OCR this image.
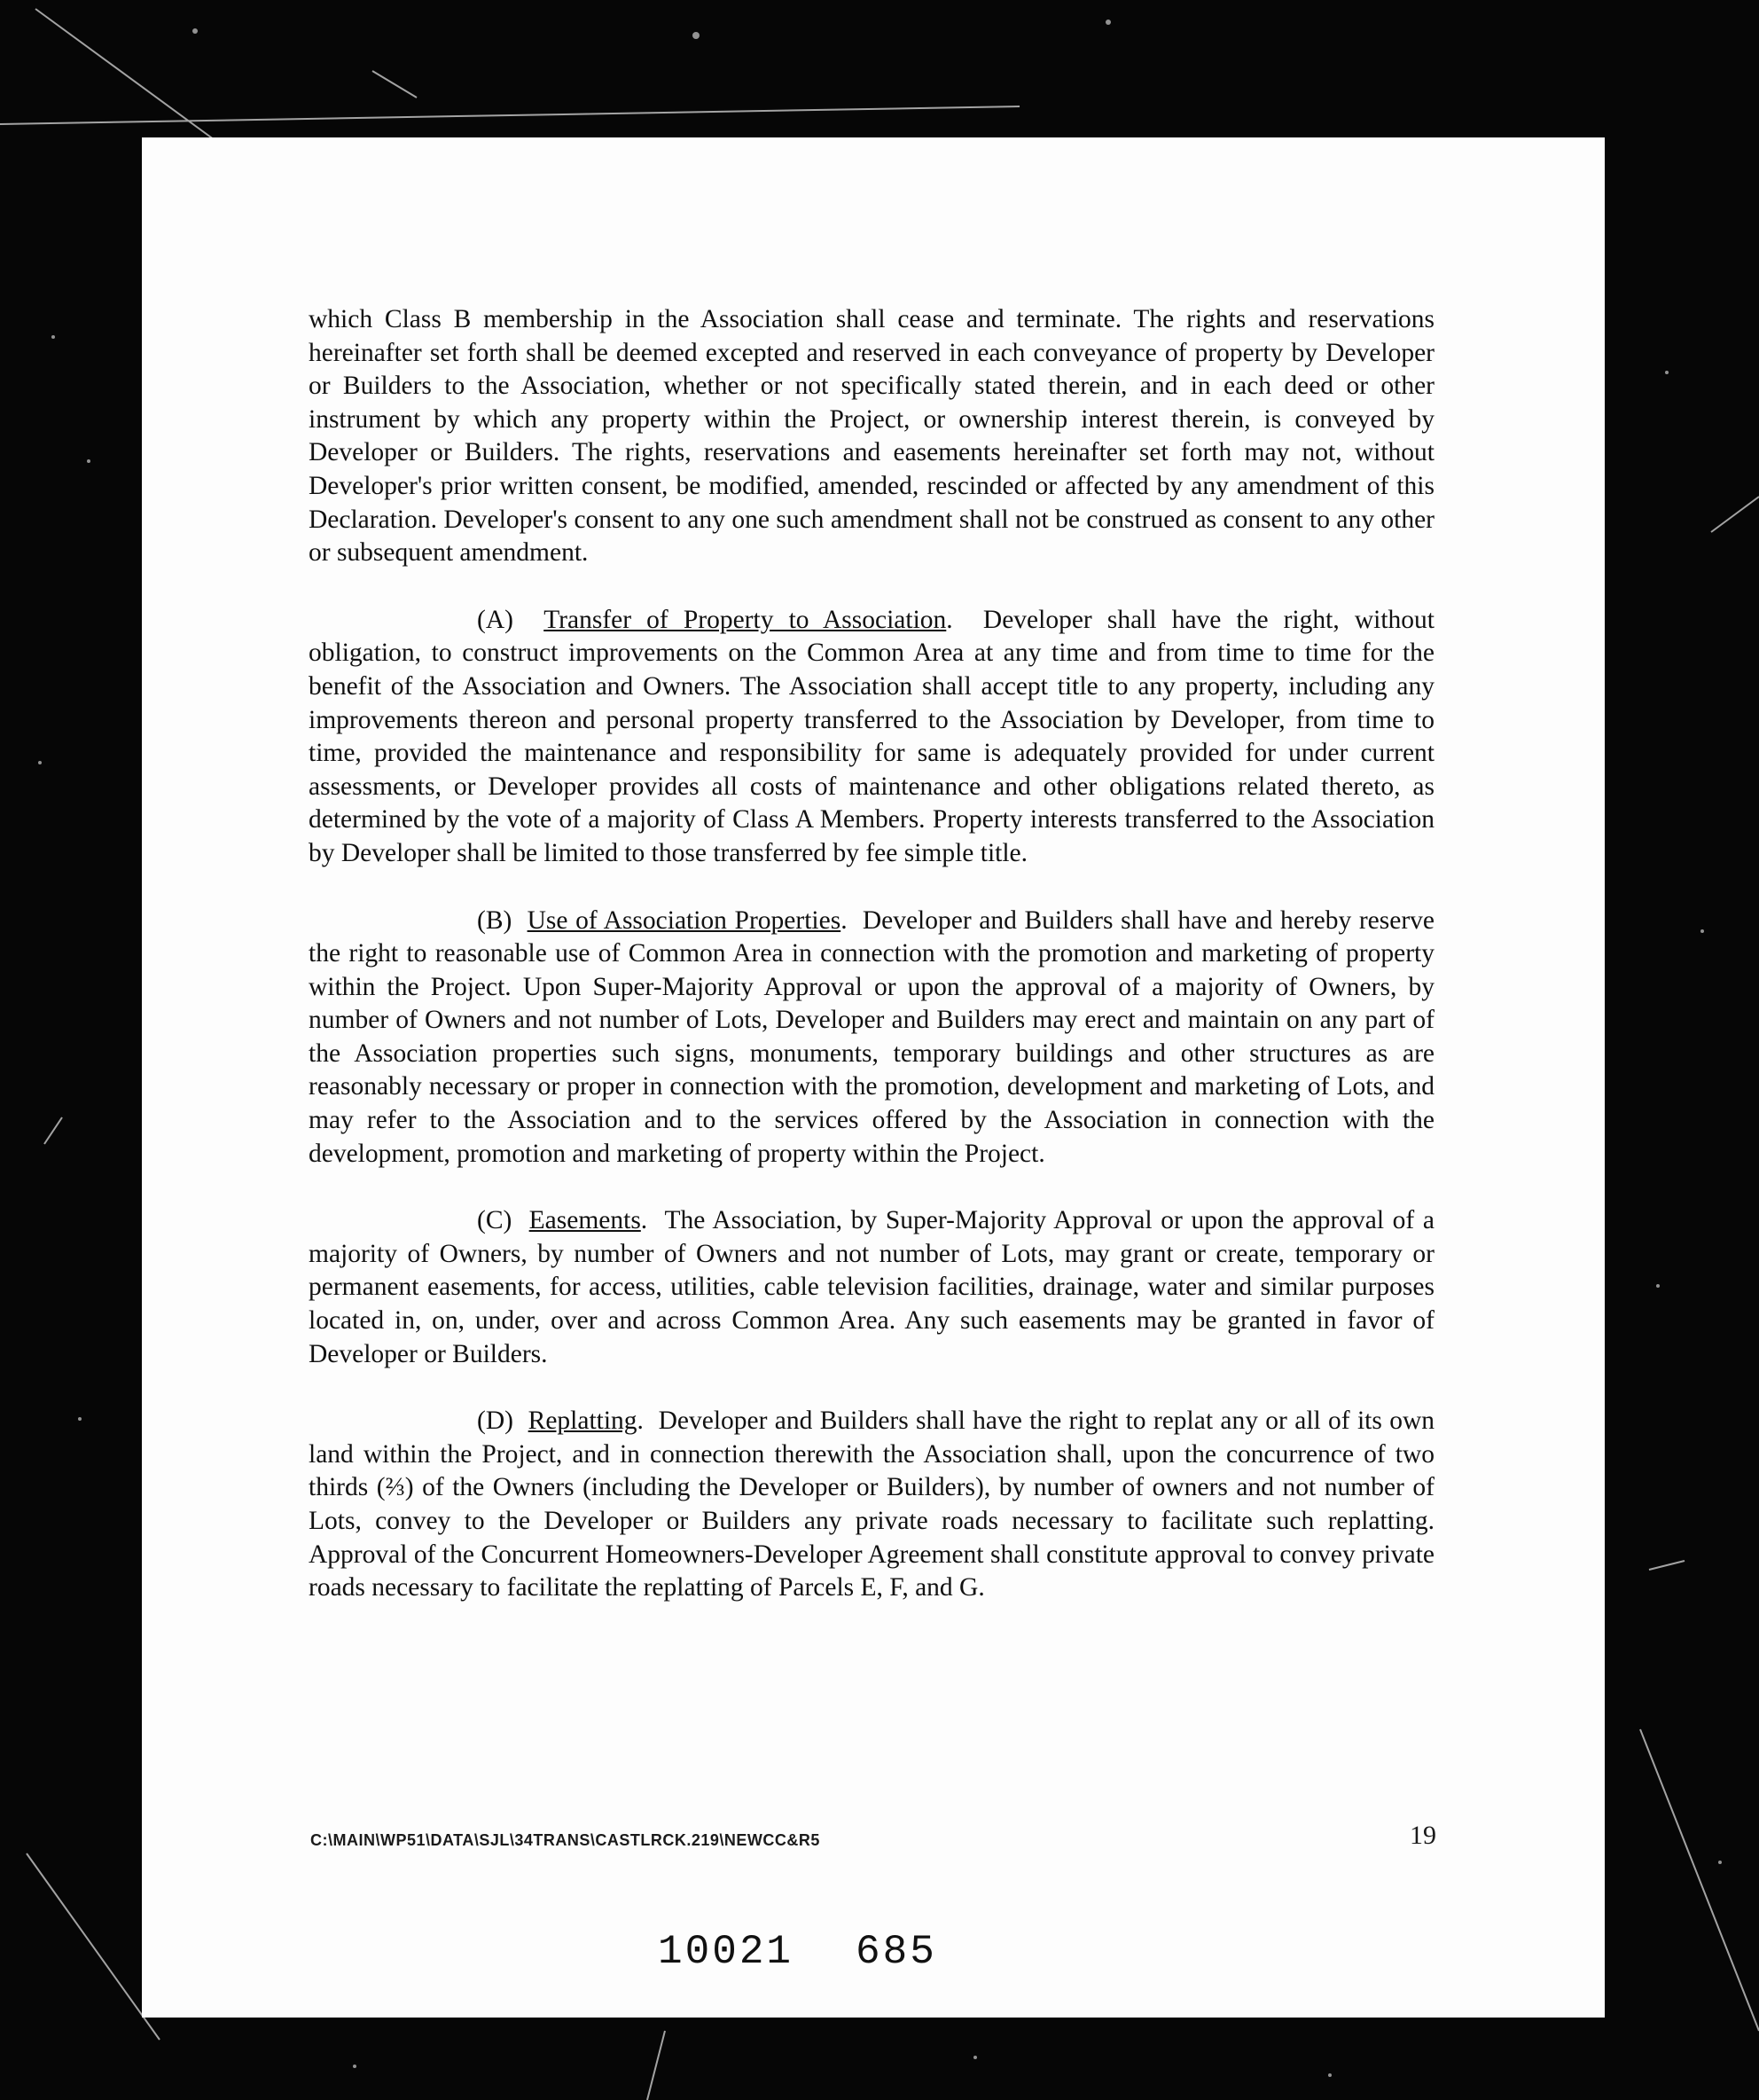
which Class B membership in the Association shall cease and terminate. The rights and reservations hereinafter set forth shall be deemed excepted and reserved in each conveyance of property by Developer or Builders to the Association, whether or not specifically stated therein, and in each deed or other instrument by which any property within the Project, or ownership interest therein, is conveyed by Developer or Builders. The rights, reservations and easements hereinafter set forth may not, without Developer's prior written consent, be modified, amended, rescinded or affected by any amendment of this Declaration. Developer's consent to any one such amendment shall not be construed as consent to any other or subsequent amendment.

(A) Transfer of Property to Association.  Developer shall have the right, without obligation, to construct improvements on the Common Area at any time and from time to time for the benefit of the Association and Owners. The Association shall accept title to any property, including any improvements thereon and personal property transferred to the Association by Developer, from time to time, provided the maintenance and responsibility for same is adequately provided for under current assessments, or Developer provides all costs of maintenance and other obligations related thereto, as determined by the vote of a majority of Class A Members. Property interests transferred to the Association by Developer shall be limited to those transferred by fee simple title.

(B) Use of Association Properties.  Developer and Builders shall have and hereby reserve the right to reasonable use of Common Area in connection with the promotion and marketing of property within the Project. Upon Super-Majority Approval or upon the approval of a majority of Owners, by number of Owners and not number of Lots, Developer and Builders may erect and maintain on any part of the Association properties such signs, monuments, temporary buildings and other structures as are reasonably necessary or proper in connection with the promotion, development and marketing of Lots, and may refer to the Association and to the services offered by the Association in connection with the development, promotion and marketing of property within the Project.

(C) Easements.  The Association, by Super-Majority Approval or upon the approval of a majority of Owners, by number of Owners and not number of Lots, may grant or create, temporary or permanent easements, for access, utilities, cable television facilities, drainage, water and similar purposes located in, on, under, over and across Common Area. Any such easements may be granted in favor of Developer or Builders.

(D) Replatting.  Developer and Builders shall have the right to replat any or all of its own land within the Project, and in connection therewith the Association shall, upon the concurrence of two thirds (⅔) of the Owners (including the Developer or Builders), by number of owners and not number of Lots, convey to the Developer or Builders any private roads necessary to facilitate such replatting. Approval of the Concurrent Homeowners-Developer Agreement shall constitute approval to convey private roads necessary to facilitate the replatting of Parcels E, F, and G.

C:\MAIN\WP51\DATA\SJL\34TRANS\CASTLRCK.219\NEWCC&R5	19
10021 685
